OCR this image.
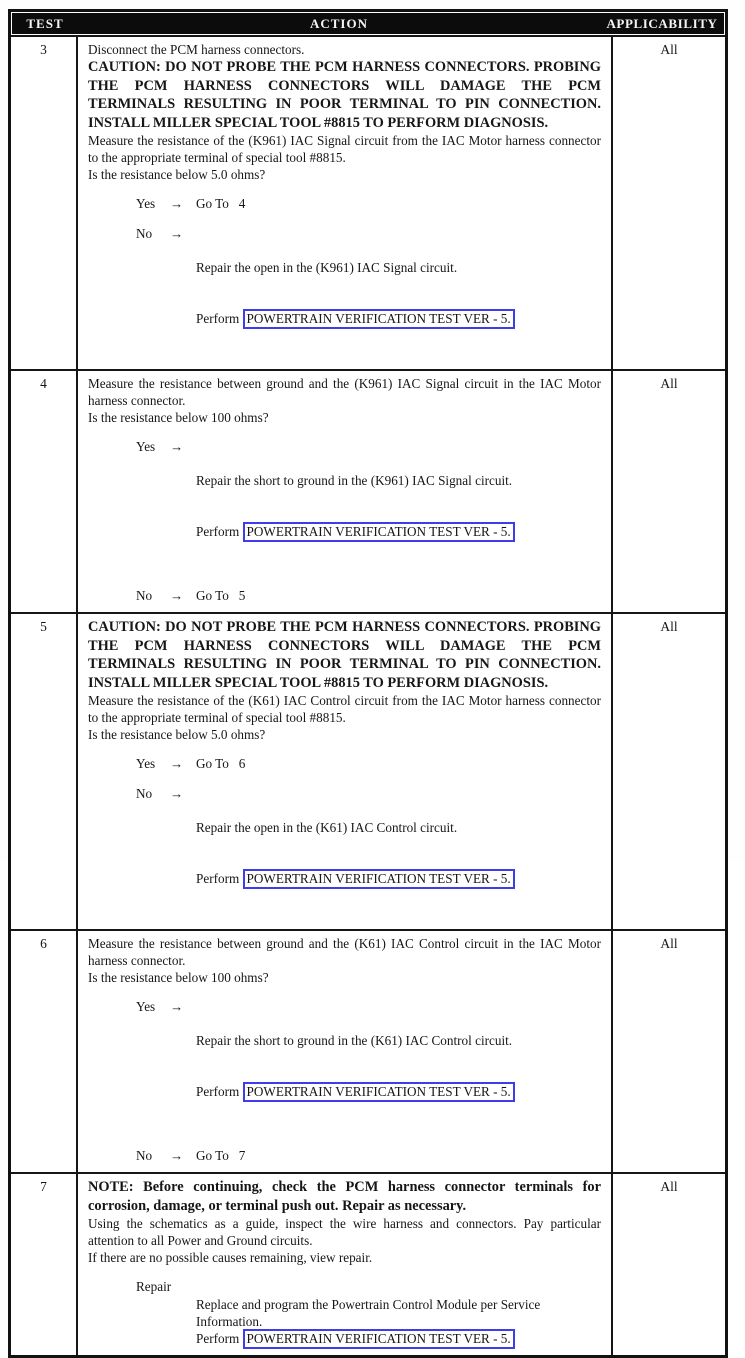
TEST	ACTION	APPLICABILITY
3	Disconnect the PCM harness connectors.

CAUTION: DO NOT PROBE THE PCM HARNESS CONNECTORS. PROBING THE PCM HARNESS CONNECTORS WILL DAMAGE THE PCM TERMINALS RESULTING IN POOR TERMINAL TO PIN CONNECTION. INSTALL MILLER SPECIAL TOOL #8815 TO PERFORM DIAGNOSIS.

Measure the resistance of the (K961) IAC Signal circuit from the IAC Motor harness connector to the appropriate terminal of special tool #8815.

Is the resistance below 5.0 ohms?

Yes	→ Go To   4
No	→

Repair the open in the (K961) IAC Signal circuit.

Perform POWERTRAIN VERIFICATION TEST VER - 5.

All
4	Measure the resistance between ground and the (K961) IAC Signal circuit in the IAC Motor harness connector.

Is the resistance below 100 ohms?

Yes	→

Repair the short to ground in the (K961) IAC Signal circuit.

Perform POWERTRAIN VERIFICATION TEST VER - 5.

No	→ Go To   5
All
5	CAUTION: DO NOT PROBE THE PCM HARNESS CONNECTORS. PROBING THE PCM HARNESS CONNECTORS WILL DAMAGE THE PCM TERMINALS RESULTING IN POOR TERMINAL TO PIN CONNECTION. INSTALL MILLER SPECIAL TOOL #8815 TO PERFORM DIAGNOSIS.

Measure the resistance of the (K61) IAC Control circuit from the IAC Motor harness connector to the appropriate terminal of special tool #8815.

Is the resistance below 5.0 ohms?

Yes	→ Go To   6
No	→

Repair the open in the (K61) IAC Control circuit.

Perform POWERTRAIN VERIFICATION TEST VER - 5.

All
6	Measure the resistance between ground and the (K61) IAC Control circuit in the IAC Motor harness connector.

Is the resistance below 100 ohms?

Yes	→

Repair the short to ground in the (K61) IAC Control circuit.

Perform POWERTRAIN VERIFICATION TEST VER - 5.

No	→ Go To   7
All
7	NOTE: Before continuing, check the PCM harness connector terminals for corrosion, damage, or terminal push out. Repair as necessary.

Using the schematics as a guide, inspect the wire harness and connectors. Pay particular attention to all Power and Ground circuits.

If there are no possible causes remaining, view repair.

Repair
Replace and program the Powertrain Control Module per Service Information.
Perform POWERTRAIN VERIFICATION TEST VER - 5.
All
